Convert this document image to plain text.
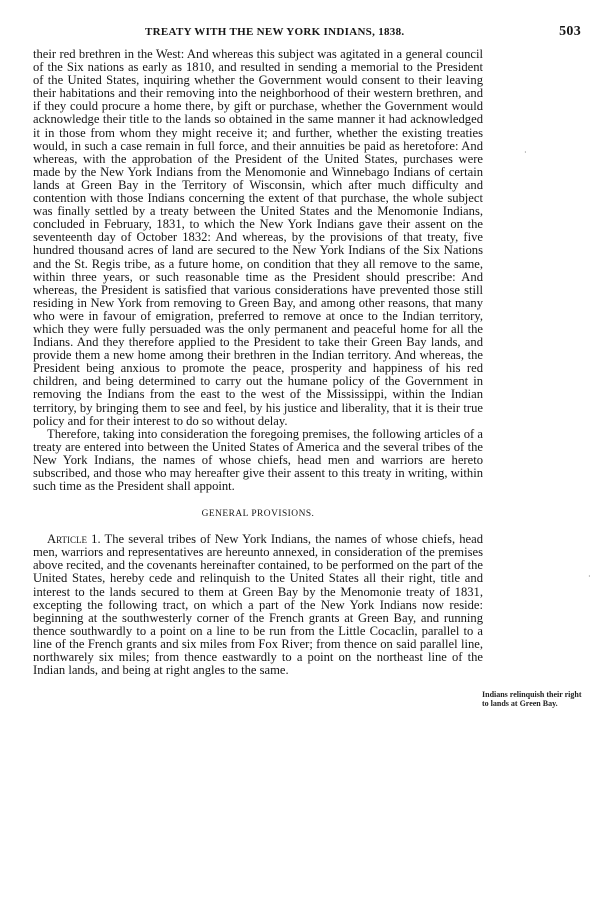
TREATY WITH THE NEW YORK INDIANS, 1838.	503

their red brethren in the West: And whereas this subject was agitated in a general council of the Six nations as early as 1810, and resulted in sending a memorial to the President of the United States, inquiring whether the Government would consent to their leaving their habitations and their removing into the neighborhood of their western brethren, and if they could procure a home there, by gift or purchase, whether the Government would acknowledge their title to the lands so obtained in the same manner it had acknowledged it in those from whom they might receive it; and further, whether the existing treaties would, in such a case remain in full force, and their annuities be paid as heretofore: And whereas, with the approbation of the President of the United States, purchases were made by the New York Indians from the Menomonie and Winnebago Indians of certain lands at Green Bay in the Territory of Wisconsin, which after much difficulty and contention with those Indians concerning the extent of that purchase, the whole subject was finally settled by a treaty between the United States and the Menomonie Indians, concluded in February, 1831, to which the New York Indians gave their assent on the seventeenth day of October 1832: And whereas, by the provisions of that treaty, five hundred thousand acres of land are secured to the New York Indians of the Six Nations and the St. Regis tribe, as a future home, on condition that they all remove to the same, within three years, or such reasonable time as the President should prescribe: And whereas, the President is satisfied that various considerations have prevented those still residing in New York from removing to Green Bay, and among other reasons, that many who were in favour of emigration, preferred to remove at once to the Indian territory, which they were fully persuaded was the only permanent and peaceful home for all the Indians. And they therefore applied to the President to take their Green Bay lands, and provide them a new home among their brethren in the Indian territory. And whereas, the President being anxious to promote the peace, prosperity and happiness of his red children, and being determined to carry out the humane policy of the Government in removing the Indians from the east to the west of the Mississippi, within the Indian territory, by bringing them to see and feel, by his justice and liberality, that it is their true policy and for their interest to do so without delay.

Therefore, taking into consideration the foregoing premises, the following articles of a treaty are entered into between the United States of America and the several tribes of the New York Indians, the names of whose chiefs, head men and warriors are hereto subscribed, and those who may hereafter give their assent to this treaty in writing, within such time as the President shall appoint.

GENERAL PROVISIONS.

Article 1. The several tribes of New York Indians, the names of whose chiefs, head men, warriors and representatives are hereunto annexed, in consideration of the premises above recited, and the covenants hereinafter contained, to be performed on the part of the United States, hereby cede and relinquish to the United States all their right, title and interest to the lands secured to them at Green Bay by the Menomonie treaty of 1831, excepting the following tract, on which a part of the New York Indians now reside: beginning at the southwesterly corner of the French grants at Green Bay, and running thence southwardly to a point on a line to be run from the Little Cocaclin, parallel to a line of the French grants and six miles from Fox River; from thence on said parallel line, northwarely six miles; from thence eastwardly to a point on the northeast line of the Indian lands, and being at right angles to the same.

Indians relinquish their right to lands at Green Bay.
·
·
